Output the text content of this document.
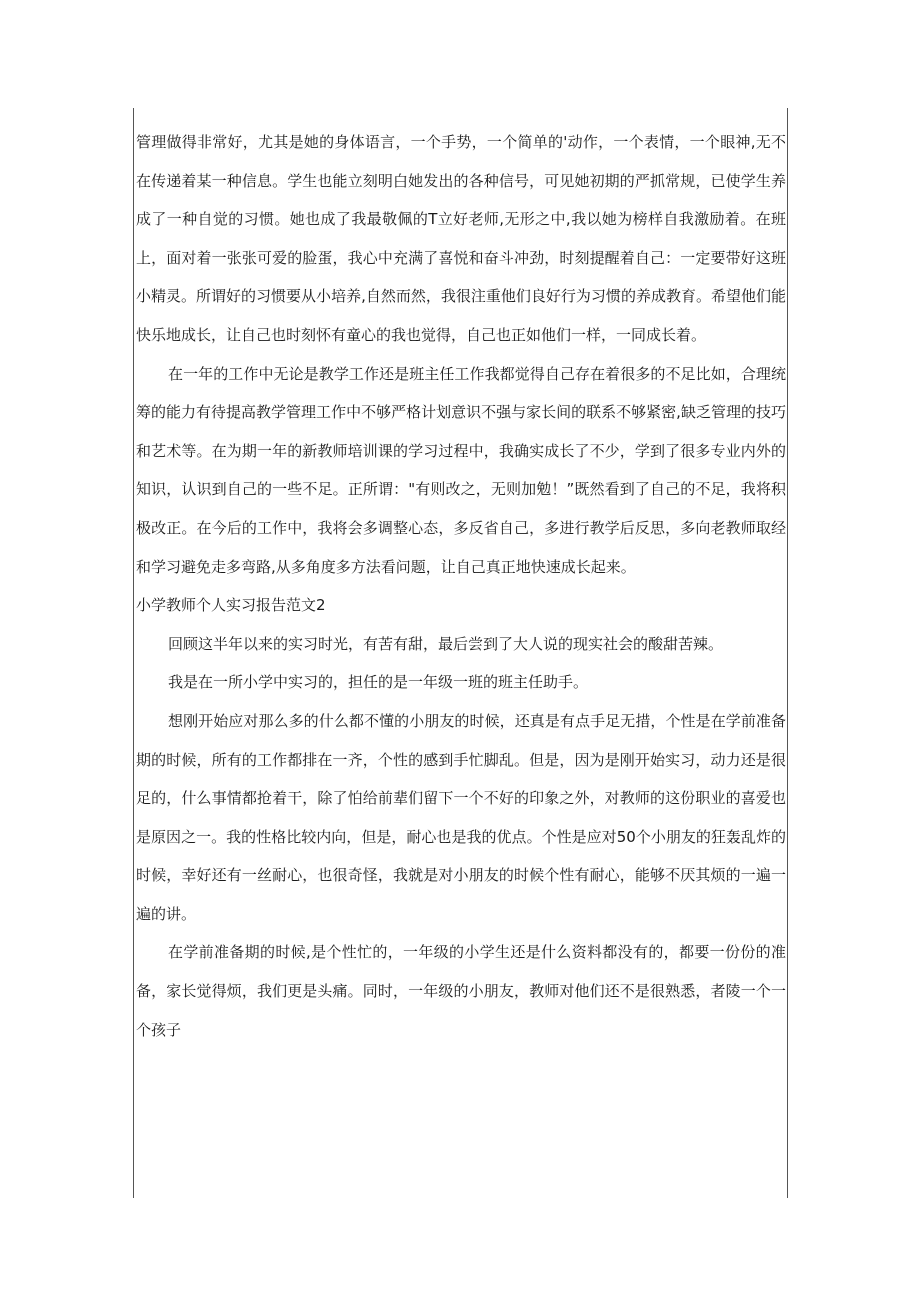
管理做得非常好，尤其是她的身体语言，一个手势，一个简单的'动作，一个表情，一个眼神,无不在传递着某一种信息。学生也能立刻明白她发出的各种信号，可见她初期的严抓常规，已使学生养成了一种自觉的习惯。她也成了我最敬佩的T立好老师,无形之中,我以她为榜样自我激励着。在班上，面对着一张张可爱的脸蛋，我心中充满了喜悦和奋斗冲劲，时刻提醒着自己：一定要带好这班小精灵。所谓好的习惯要从小培养,自然而然，我很注重他们良好行为习惯的养成教育。希望他们能快乐地成长，让自己也时刻怀有童心的我也觉得，自己也正如他们一样，一同成长着。

在一年的工作中无论是教学工作还是班主任工作我都觉得自己存在着很多的不足比如，合理统筹的能力有待提高教学管理工作中不够严格计划意识不强与家长间的联系不够紧密,缺乏管理的技巧和艺术等。在为期一年的新教师培训课的学习过程中，我确实成长了不少，学到了很多专业内外的知识，认识到自己的一些不足。正所谓："有则改之，无则加勉！”既然看到了自己的不足，我将积极改正。在今后的工作中，我将会多调整心态，多反省自己，多进行教学后反思，多向老教师取经和学习避免走多弯路,从多角度多方法看问题，让自己真正地快速成长起来。

小学教师个人实习报告范文2

回顾这半年以来的实习时光，有苦有甜，最后尝到了大人说的现实社会的酸甜苦辣。

我是在一所小学中实习的，担任的是一年级一班的班主任助手。

想刚开始应对那么多的什么都不懂的小朋友的时候，还真是有点手足无措，个性是在学前准备期的时候，所有的工作都排在一齐，个性的感到手忙脚乱。但是，因为是刚开始实习，动力还是很足的，什么事情都抢着干，除了怕给前辈们留下一个不好的印象之外，对教师的这份职业的喜爱也是原因之一。我的性格比较内向，但是，耐心也是我的优点。个性是应对50个小朋友的狂轰乱炸的时候，幸好还有一丝耐心，也很奇怪，我就是对小朋友的时候个性有耐心，能够不厌其烦的一遍一遍的讲。

在学前准备期的时候,是个性忙的，一年级的小学生还是什么资料都没有的，都要一份份的准备，家长觉得烦，我们更是头痛。同时，一年级的小朋友，教师对他们还不是很熟悉，者陵一个一个孩子
